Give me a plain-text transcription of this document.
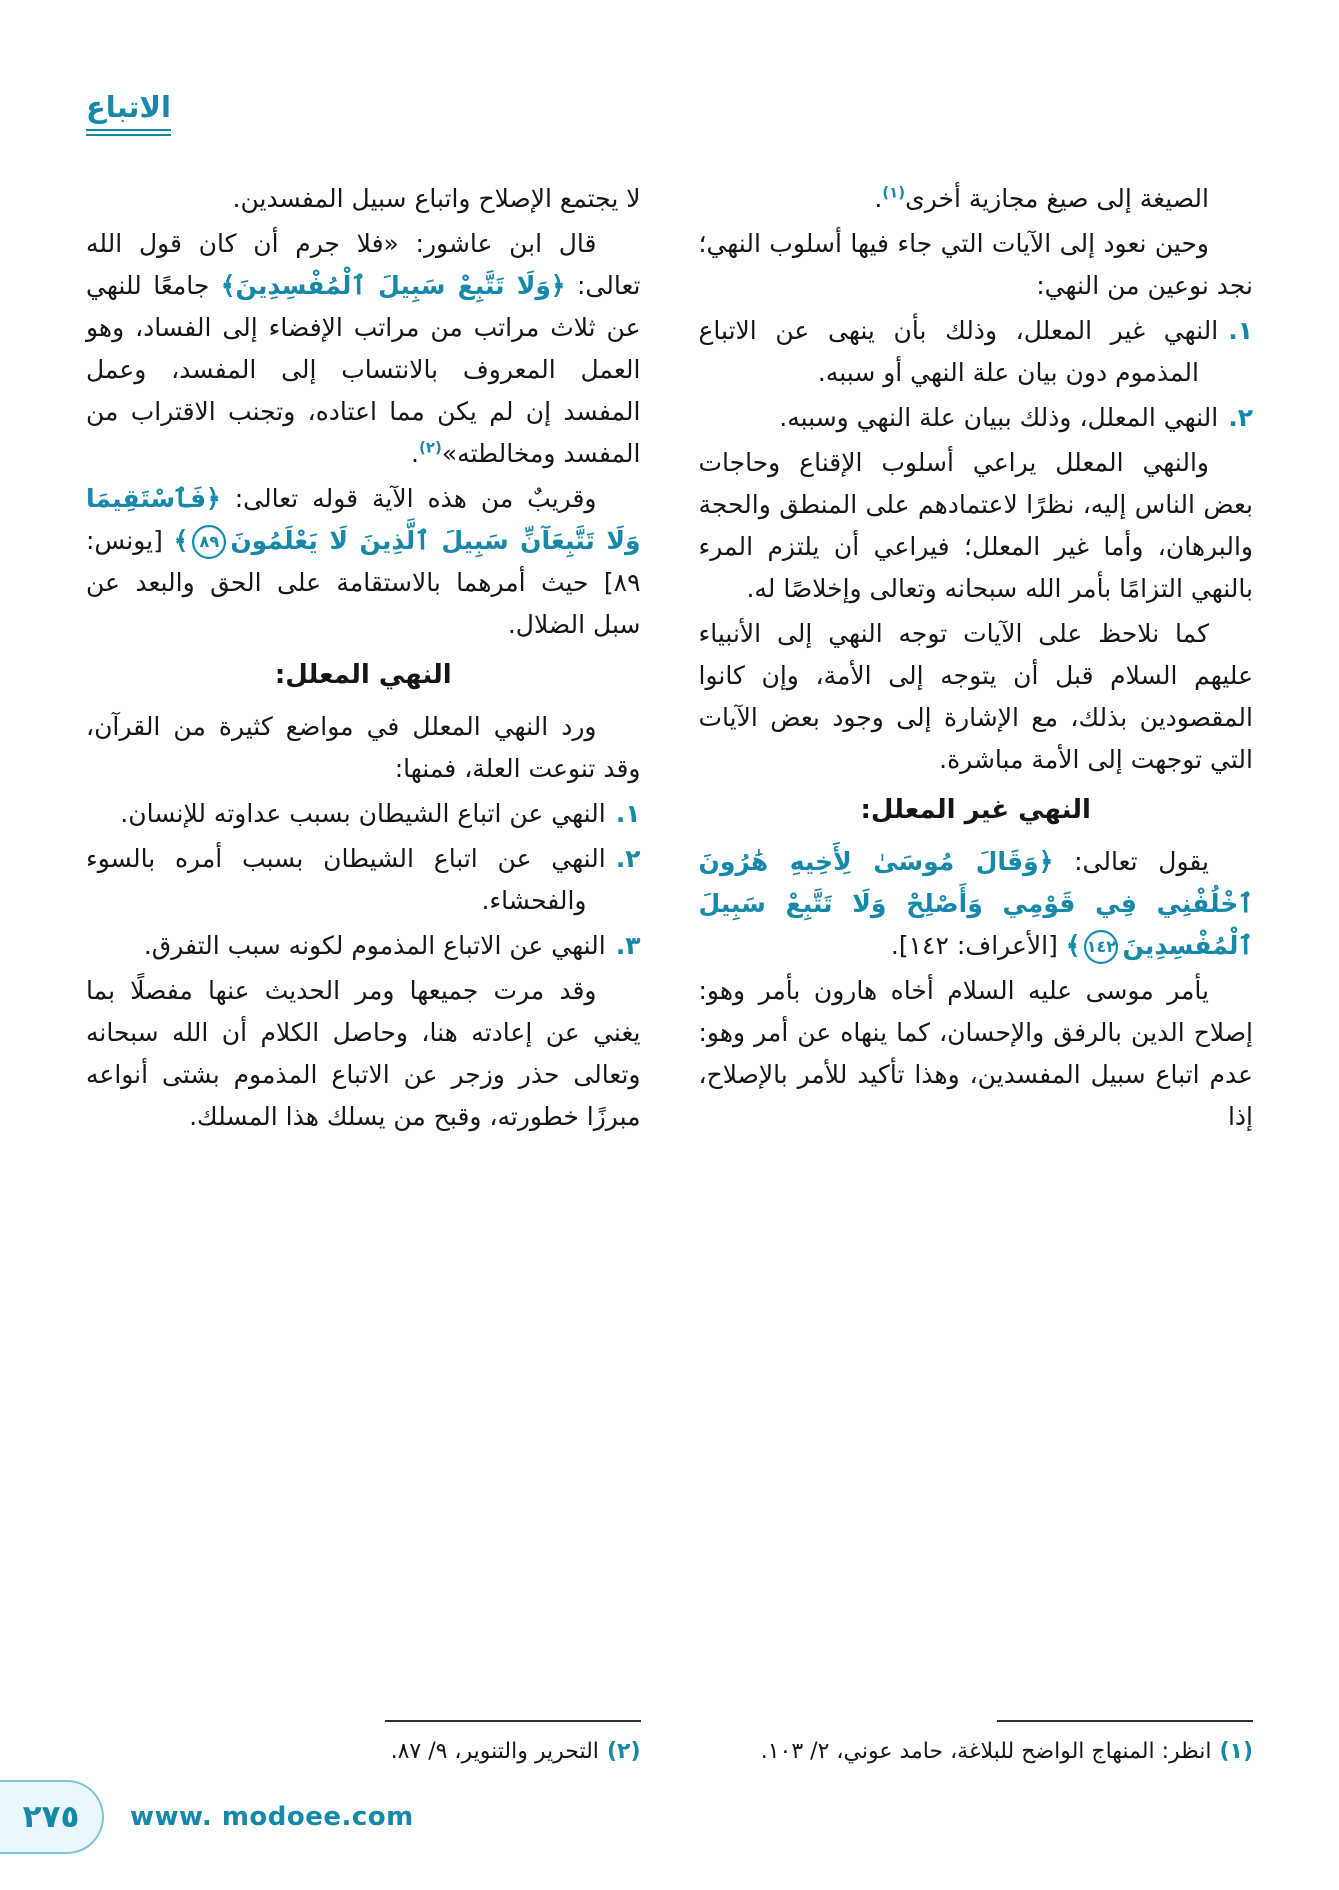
الاتباع
الصيغة إلى صيغ مجازية أخرى$^{(١)}$.
وحين نعود إلى الآيات التي جاء فيها أسلوب النهي؛ نجد نوعين من النهي:
١.النهي غير المعلل، وذلك بأن ينهى عن الاتباع المذموم دون بيان علة النهي أو سببه.
٢.النهي المعلل، وذلك ببيان علة النهي وسببه.
والنهي المعلل يراعي أسلوب الإقناع وحاجات بعض الناس إليه، نظرًا لاعتمادهم على المنطق والحجة والبرهان، وأما غير المعلل؛ فيراعي أن يلتزم المرء بالنهي التزامًا بأمر الله سبحانه وتعالى وإخلاصًا له.
كما نلاحظ على الآيات توجه النهي إلى الأنبياء عليهم السلام قبل أن يتوجه إلى الأمة، وإن كانوا المقصودين بذلك، مع الإشارة إلى وجود بعض الآيات التي توجهت إلى الأمة مباشرة.
النهي غير المعلل:
يقول تعالى: ﴿وَقَالَ مُوسَىٰ لِأَخِيهِ هَٰرُونَ ٱخْلُفْنِي فِي قَوْمِي وَأَصْلِحْ وَلَا تَتَّبِعْ سَبِيلَ ٱلْمُفْسِدِينَ١٤٢﴾ [الأعراف: ١٤٢].
يأمر موسى عليه السلام أخاه هارون بأمر وهو: إصلاح الدين بالرفق والإحسان، كما ينهاه عن أمر وهو: عدم اتباع سبيل المفسدين، وهذا تأكيد للأمر بالإصلاح، إذا
(١)انظر: المنهاج الواضح للبلاغة، حامد عوني، ٢/ ١٠٣.
لا يجتمع الإصلاح واتباع سبيل المفسدين.
قال ابن عاشور: «فلا جرم أن كان قول الله تعالى: ﴿وَلَا تَتَّبِعْ سَبِيلَ ٱلْمُفْسِدِينَ﴾ جامعًا للنهي عن ثلاث مراتب من مراتب الإفضاء إلى الفساد، وهو العمل المعروف بالانتساب إلى المفسد، وعمل المفسد إن لم يكن مما اعتاده، وتجنب الاقتراب من المفسد ومخالطته»$^{(٢)}$.
وقريبٌ من هذه الآية قوله تعالى: ﴿فَٱسْتَقِيمَا وَلَا تَتَّبِعَآنِّ سَبِيلَ ٱلَّذِينَ لَا يَعْلَمُونَ٨٩﴾ [يونس: ٨٩] حيث أمرهما بالاستقامة على الحق والبعد عن سبل الضلال.
النهي المعلل:
ورد النهي المعلل في مواضع كثيرة من القرآن، وقد تنوعت العلة، فمنها:
١.النهي عن اتباع الشيطان بسبب عداوته للإنسان.
٢.النهي عن اتباع الشيطان بسبب أمره بالسوء والفحشاء.
٣.النهي عن الاتباع المذموم لكونه سبب التفرق.
وقد مرت جميعها ومر الحديث عنها مفصلًا بما يغني عن إعادته هنا، وحاصل الكلام أن الله سبحانه وتعالى حذر وزجر عن الاتباع المذموم بشتى أنواعه مبرزًا خطورته، وقبح من يسلك هذا المسلك.
(٢)التحرير والتنوير، ٩/ ٨٧.
٢٧٥ www. modoee.com
